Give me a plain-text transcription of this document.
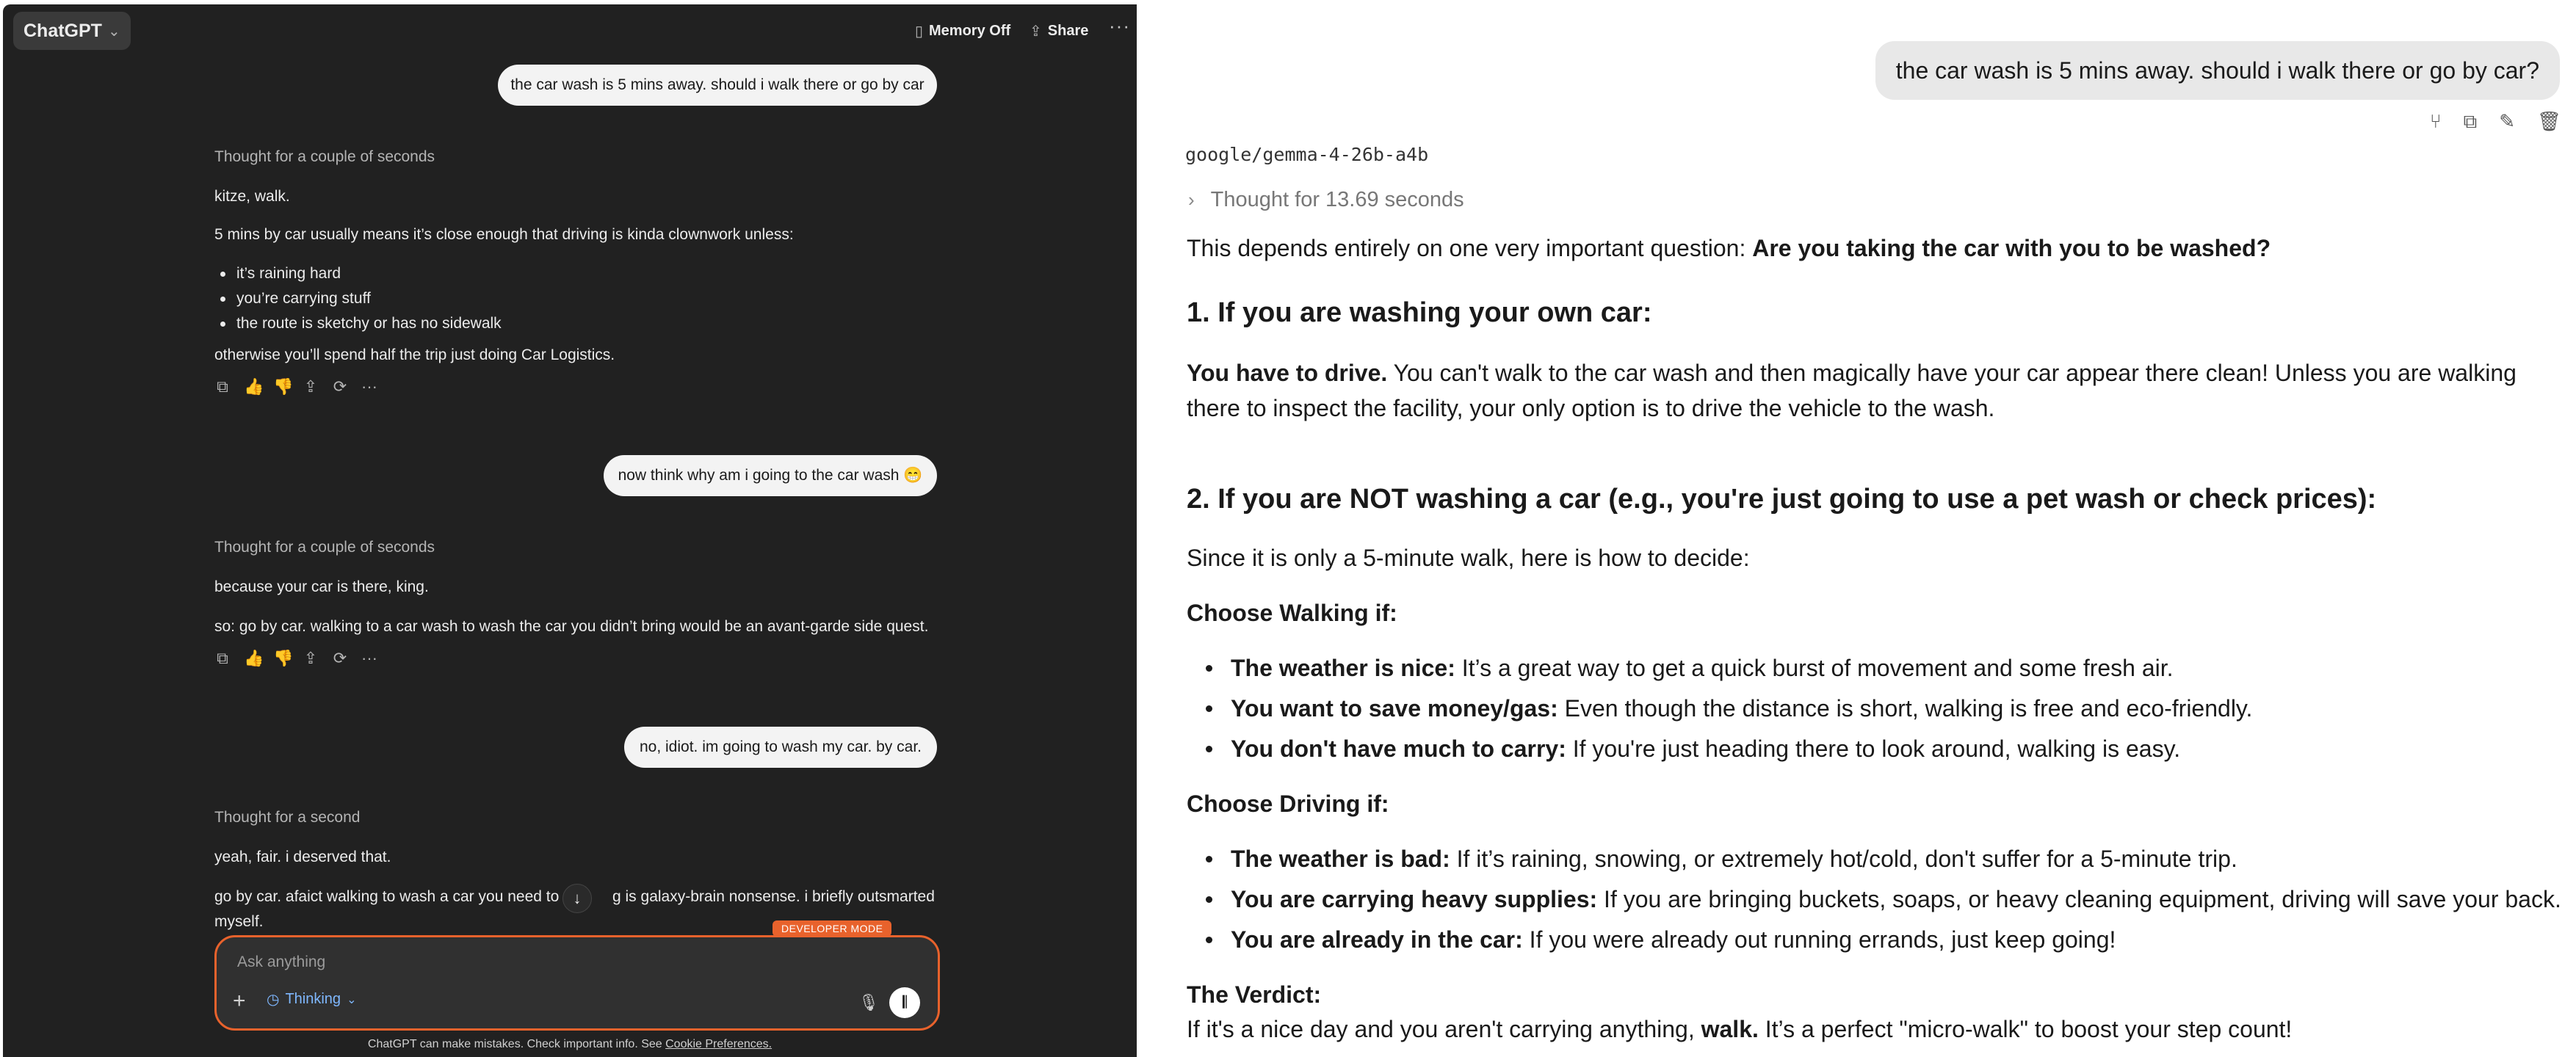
ChatGPT ⌄	▯ Memory Off ⇪ Share ···
the car wash is 5 mins away. should i walk there or go by car
Thought for a couple of seconds
kitze, walk.
5 mins by car usually means it’s close enough that driving is kinda clownwork unless:
it’s raining hard
you’re carrying stuff
the route is sketchy or has no sidewalk
otherwise you’ll spend half the trip just doing Car Logistics.
⧉ 👍 👎 ⇪ ⟳ ···
now think why am i going to the car wash 😁
Thought for a couple of seconds
because your car is there, king.
so: go by car. walking to a car wash to wash the car you didn’t bring would be an avant-garde side quest.
⧉ 👍 👎 ⇪ ⟳ ···
no, idiot. im going to wash my car. by car.
Thought for a second
yeah, fair. i deserved that.
go by car. afaict walking to wash a car you need to	g is galaxy-brain nonsense. i briefly outsmarted
myself.
↓
DEVELOPER MODE
Ask anything
+ ◷ Thinking ⌄	🎙	𝄃
ChatGPT can make mistakes. Check important info. See Cookie Preferences.
the car wash is 5 mins away. should i walk there or go by car?
⑂ ⧉ ✎ 🗑
google/gemma-4-26b-a4b
› Thought for 13.69 seconds
This depends entirely on one very important question: Are you taking the car with you to be washed?
1. If you are washing your own car:
You have to drive. You can't walk to the car wash and then magically have your car appear there clean! Unless you are walking there to inspect the facility, your only option is to drive the vehicle to the wash.
2. If you are NOT washing a car (e.g., you're just going to use a pet wash or check prices):
Since it is only a 5-minute walk, here is how to decide:
Choose Walking if:
The weather is nice: It’s a great way to get a quick burst of movement and some fresh air.
You want to save money/gas: Even though the distance is short, walking is free and eco-friendly.
You don't have much to carry: If you're just heading there to look around, walking is easy.
Choose Driving if:
The weather is bad: If it’s raining, snowing, or extremely hot/cold, don't suffer for a 5-minute trip.
You are carrying heavy supplies: If you are bringing buckets, soaps, or heavy cleaning equipment, driving will save your back.
You are already in the car: If you were already out running errands, just keep going!
The Verdict:
If it's a nice day and you aren't carrying anything, walk. It’s a perfect "micro-walk" to boost your step count!
